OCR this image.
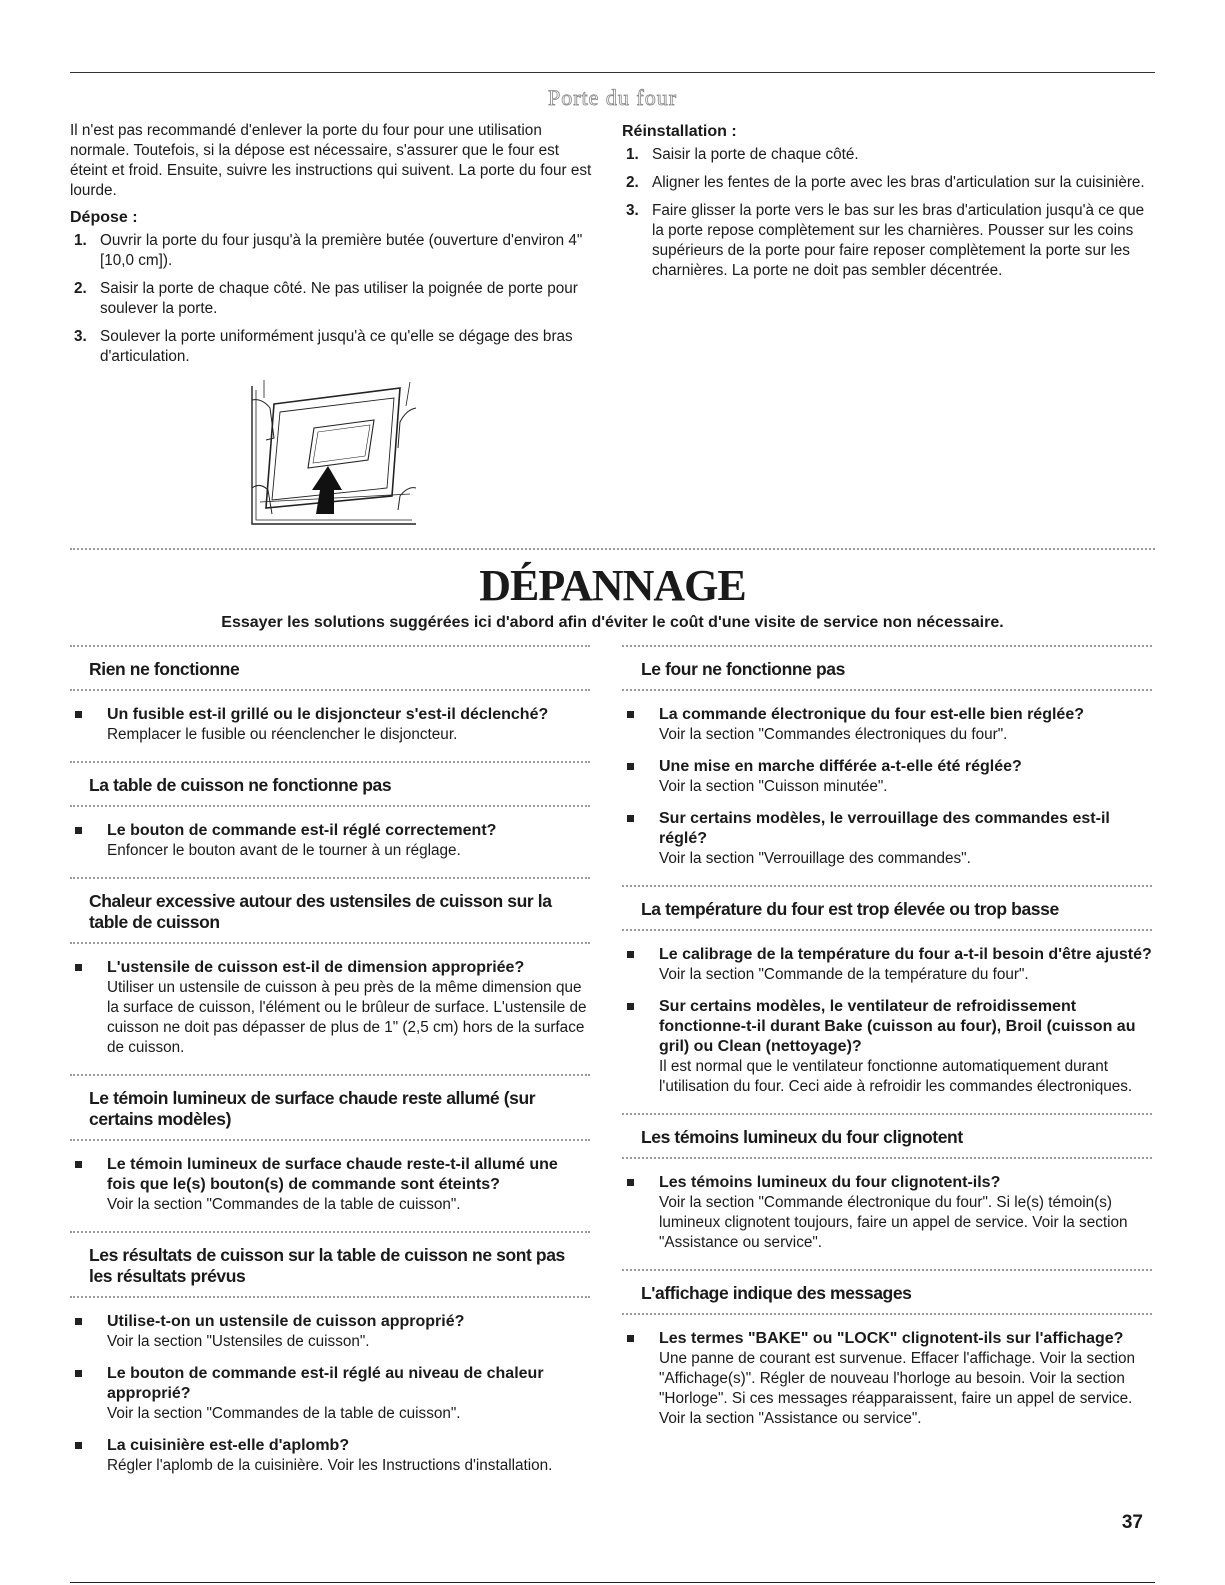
Porte du four

Il n'est pas recommandé d'enlever la porte du four pour une utilisation normale. Toutefois, si la dépose est nécessaire, s'assurer que le four est éteint et froid. Ensuite, suivre les instructions qui suivent. La porte du four est lourde.

Dépose :

1. Ouvrir la porte du four jusqu'à la première butée (ouverture d'environ 4" [10,0 cm]).
2. Saisir la porte de chaque côté. Ne pas utiliser la poignée de porte pour soulever la porte.
3. Soulever la porte uniformément jusqu'à ce qu'elle se dégage des bras d'articulation.

Réinstallation :

1. Saisir la porte de chaque côté.
2. Aligner les fentes de la porte avec les bras d'articulation sur la cuisinière.
3. Faire glisser la porte vers le bas sur les bras d'articulation jusqu'à ce que la porte repose complètement sur les charnières. Pousser sur les coins supérieurs de la porte pour faire reposer complètement la porte sur les charnières. La porte ne doit pas sembler décentrée.
DÉPANNAGE
Essayer les solutions suggérées ici d'abord afin d'éviter le coût d'une visite de service non nécessaire.
Rien ne fonctionne
Un fusible est-il grillé ou le disjoncteur s'est-il déclenché?
Remplacer le fusible ou réenclencher le disjoncteur.
La table de cuisson ne fonctionne pas
Le bouton de commande est-il réglé correctement?
Enfoncer le bouton avant de le tourner à un réglage.
Chaleur excessive autour des ustensiles de cuisson sur la table de cuisson
L'ustensile de cuisson est-il de dimension appropriée?
Utiliser un ustensile de cuisson à peu près de la même dimension que la surface de cuisson, l'élément ou le brûleur de surface. L'ustensile de cuisson ne doit pas dépasser de plus de 1" (2,5 cm) hors de la surface de cuisson.
Le témoin lumineux de surface chaude reste allumé (sur certains modèles)
Le témoin lumineux de surface chaude reste-t-il allumé une fois que le(s) bouton(s) de commande sont éteints?
Voir la section "Commandes de la table de cuisson".
Les résultats de cuisson sur la table de cuisson ne sont pas les résultats prévus
Utilise-t-on un ustensile de cuisson approprié?
Voir la section "Ustensiles de cuisson".
Le bouton de commande est-il réglé au niveau de chaleur approprié?
Voir la section "Commandes de la table de cuisson".
La cuisinière est-elle d'aplomb?
Régler l'aplomb de la cuisinière. Voir les Instructions d'installation.
Le four ne fonctionne pas
La commande électronique du four est-elle bien réglée?
Voir la section "Commandes électroniques du four".
Une mise en marche différée a-t-elle été réglée?
Voir la section "Cuisson minutée".
Sur certains modèles, le verrouillage des commandes est-il réglé?
Voir la section "Verrouillage des commandes".
La température du four est trop élevée ou trop basse
Le calibrage de la température du four a-t-il besoin d'être ajusté?
Voir la section "Commande de la température du four".
Sur certains modèles, le ventilateur de refroidissement fonctionne-t-il durant Bake (cuisson au four), Broil (cuisson au gril) ou Clean (nettoyage)?
Il est normal que le ventilateur fonctionne automatiquement durant l'utilisation du four. Ceci aide à refroidir les commandes électroniques.
Les témoins lumineux du four clignotent
Les témoins lumineux du four clignotent-ils?
Voir la section "Commande électronique du four". Si le(s) témoin(s) lumineux clignotent toujours, faire un appel de service. Voir la section "Assistance ou service".
L'affichage indique des messages
Les termes "BAKE" ou "LOCK" clignotent-ils sur l'affichage?
Une panne de courant est survenue. Effacer l'affichage. Voir la section "Affichage(s)". Régler de nouveau l'horloge au besoin. Voir la section "Horloge". Si ces messages réapparaissent, faire un appel de service. Voir la section "Assistance ou service".
37
